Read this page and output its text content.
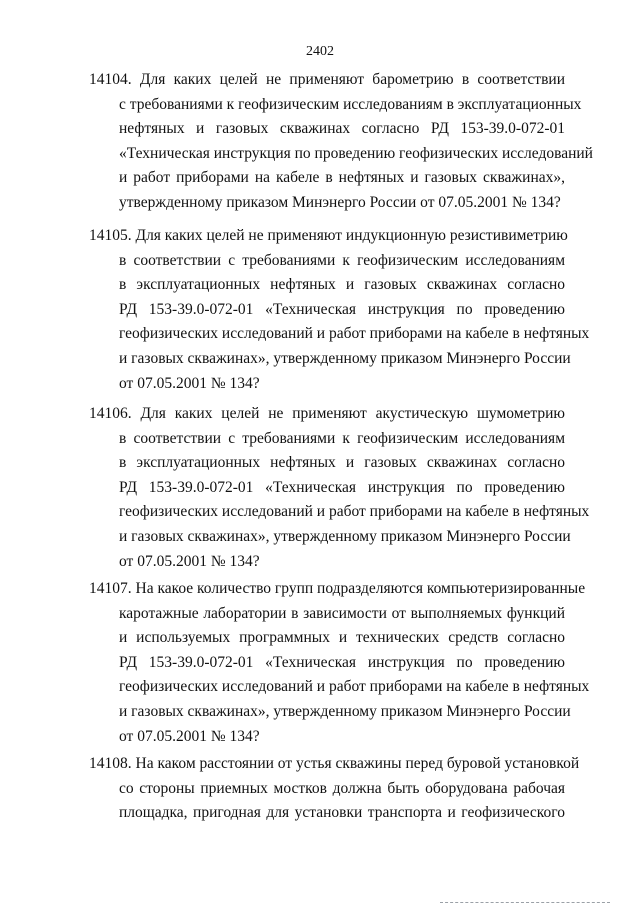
2402
14104. Для каких целей не применяют барометрию в соответствии
с требованиями к геофизическим исследованиям в эксплуатационных
нефтяных и газовых скважинах согласно РД 153-39.0-072-01
«Техническая инструкция по проведению геофизических исследований
и работ приборами на кабеле в нефтяных и газовых скважинах»,
утвержденному приказом Минэнерго России от 07.05.2001 № 134?
14105. Для каких целей не применяют индукционную резистивиметрию
в соответствии с требованиями к геофизическим исследованиям
в эксплуатационных нефтяных и газовых скважинах согласно
РД 153-39.0-072-01 «Техническая инструкция по проведению
геофизических исследований и работ приборами на кабеле в нефтяных
и газовых скважинах», утвержденному приказом Минэнерго России
от 07.05.2001 № 134?
14106. Для каких целей не применяют акустическую шумометрию
в соответствии с требованиями к геофизическим исследованиям
в эксплуатационных нефтяных и газовых скважинах согласно
РД 153-39.0-072-01 «Техническая инструкция по проведению
геофизических исследований и работ приборами на кабеле в нефтяных
и газовых скважинах», утвержденному приказом Минэнерго России
от 07.05.2001 № 134?
14107. На какое количество групп подразделяются компьютеризированные
каротажные лаборатории в зависимости от выполняемых функций
и используемых программных и технических средств согласно
РД 153-39.0-072-01 «Техническая инструкция по проведению
геофизических исследований и работ приборами на кабеле в нефтяных
и газовых скважинах», утвержденному приказом Минэнерго России
от 07.05.2001 № 134?
14108. На каком расстоянии от устья скважины перед буровой установкой
со стороны приемных мостков должна быть оборудована рабочая
площадка, пригодная для установки транспорта и геофизического
